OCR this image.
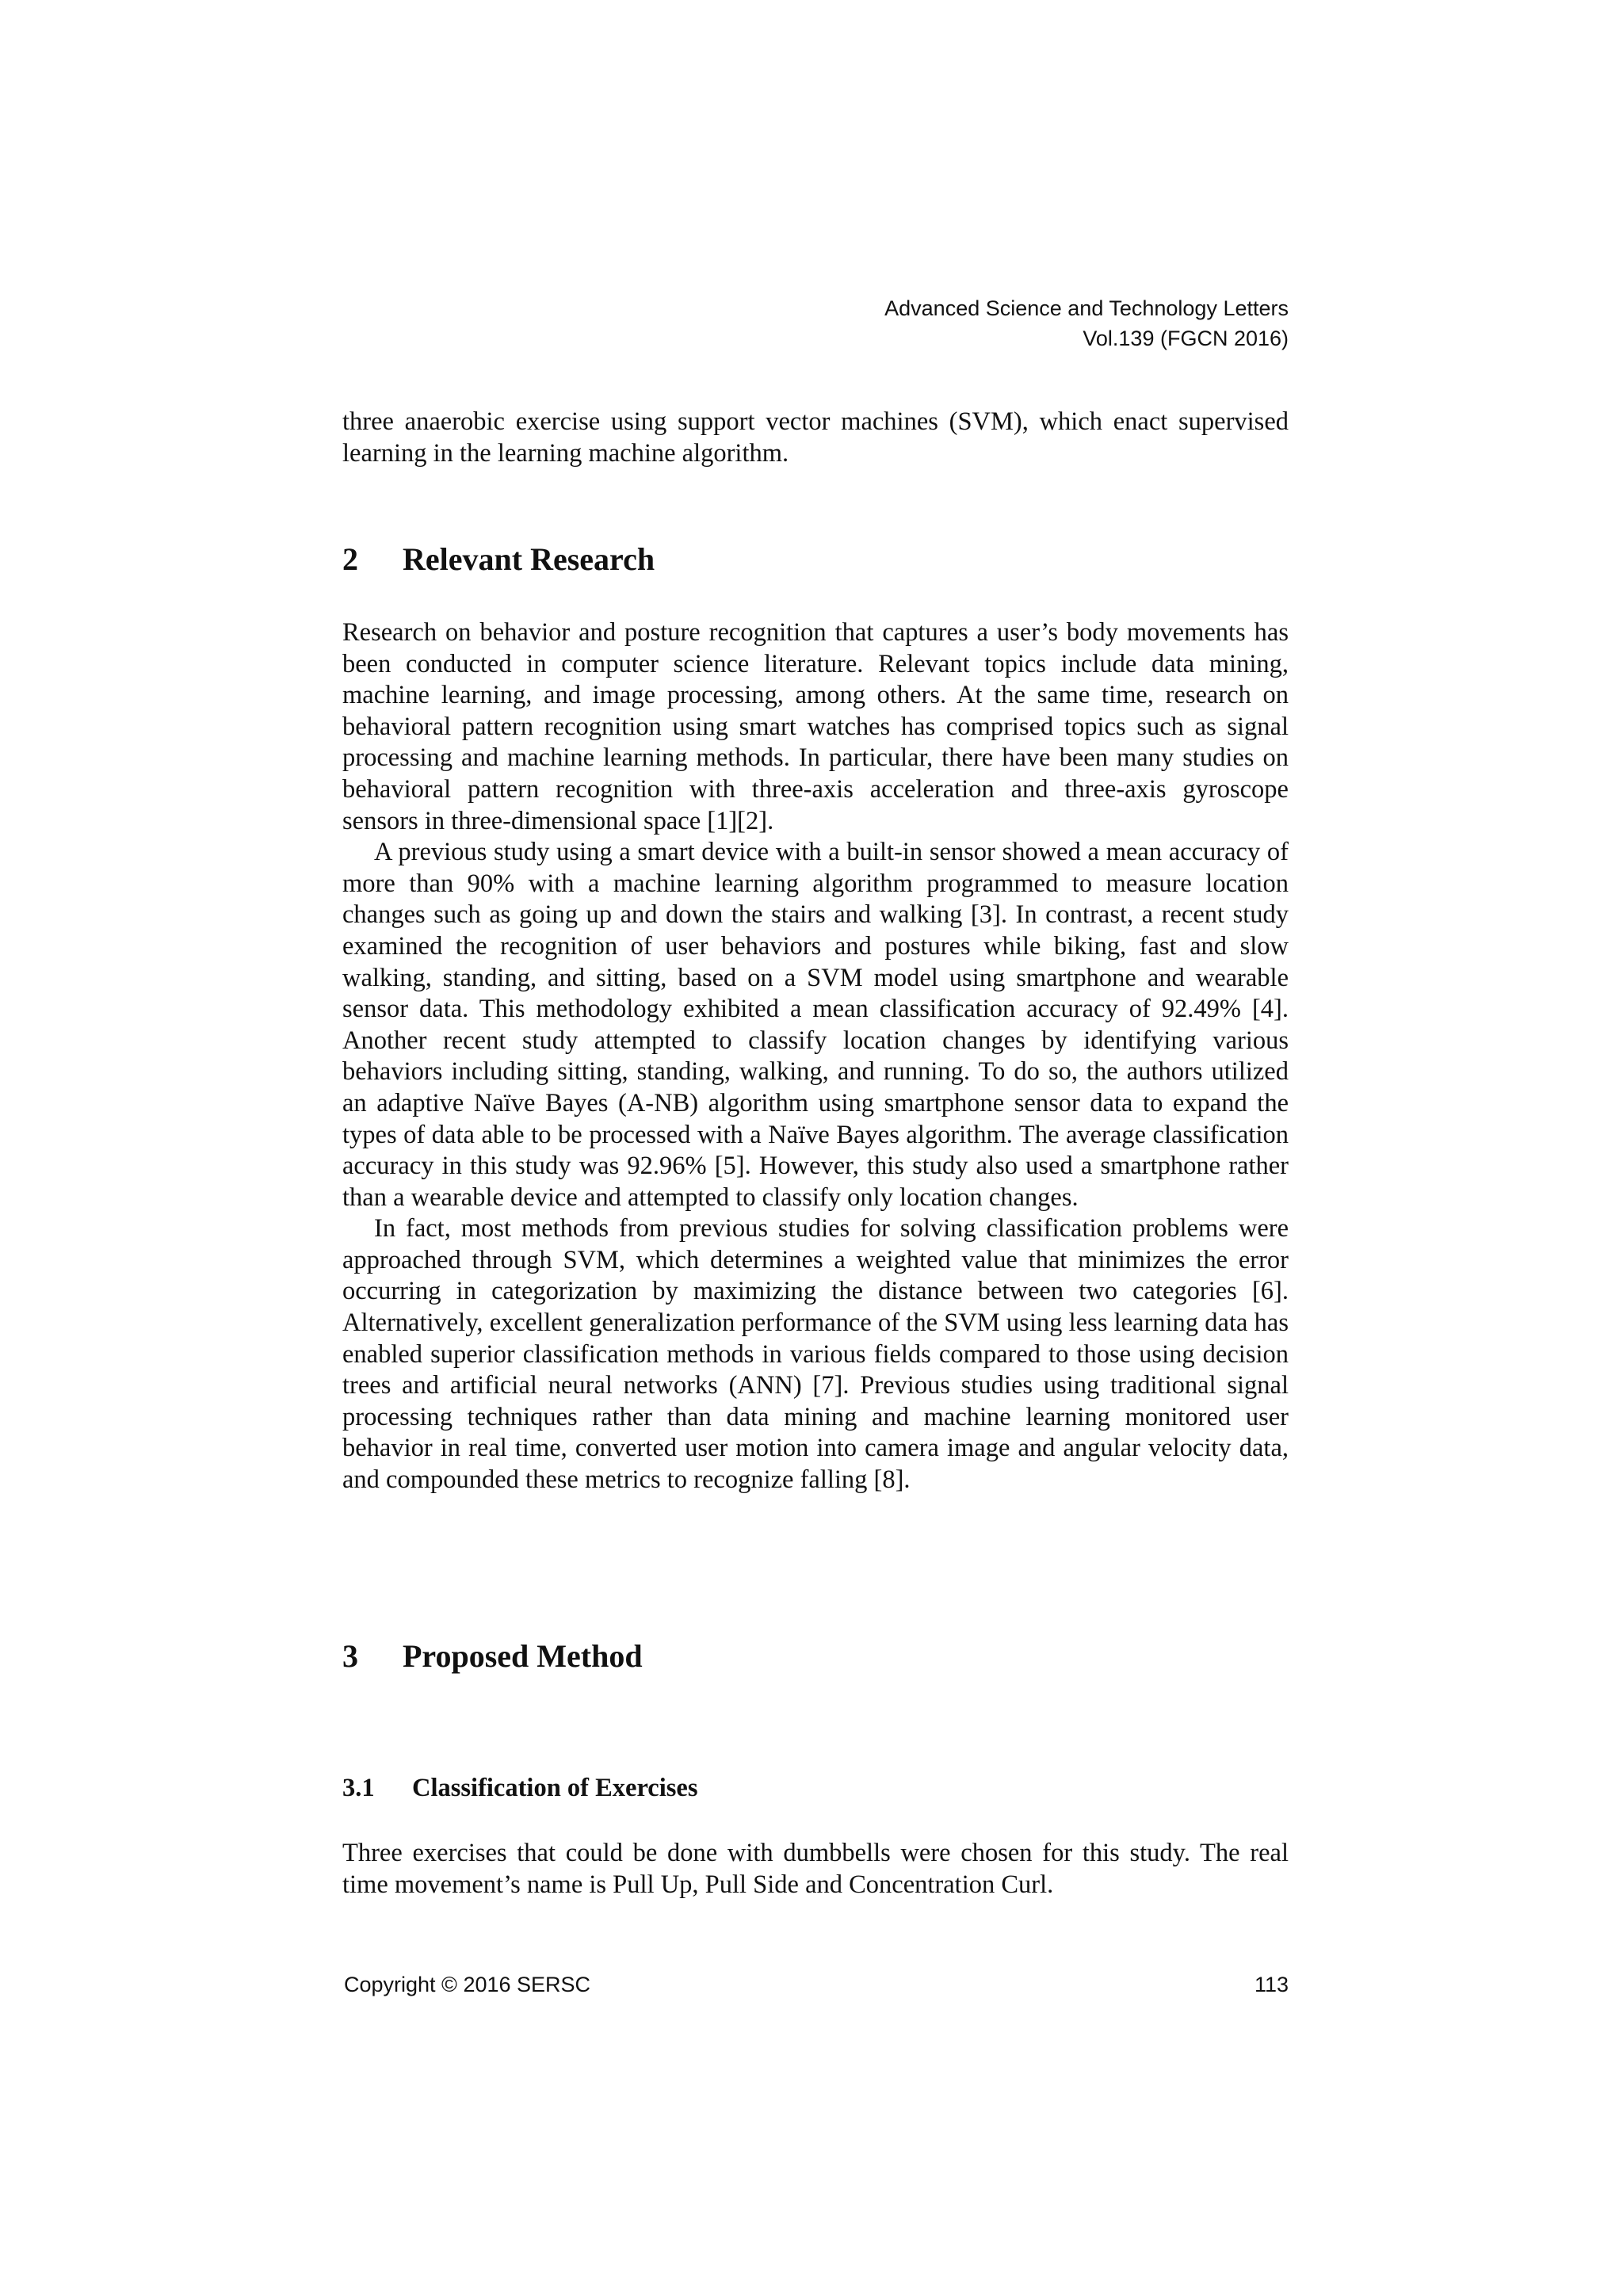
Advanced Science and Technology Letters
Vol.139 (FGCN 2016)

three anaerobic exercise using support vector machines (SVM), which enact supervised learning in the learning machine algorithm.

2 Relevant Research

Research on behavior and posture recognition that captures a user’s body movements has been conducted in computer science literature. Relevant topics include data mining, machine learning, and image processing, among others. At the same time, research on behavioral pattern recognition using smart watches has comprised topics such as signal processing and machine learning methods. In particular, there have been many studies on behavioral pattern recognition with three-axis acceleration and three-axis gyroscope sensors in three-dimensional space [1][2].

A previous study using a smart device with a built-in sensor showed a mean accuracy of more than 90% with a machine learning algorithm programmed to measure location changes such as going up and down the stairs and walking [3]. In contrast, a recent study examined the recognition of user behaviors and postures while biking, fast and slow walking, standing, and sitting, based on a SVM model using smartphone and wearable sensor data. This methodology exhibited a mean classification accuracy of 92.49% [4]. Another recent study attempted to classify location changes by identifying various behaviors including sitting, standing, walking, and running. To do so, the authors utilized an adaptive Naïve Bayes (A-NB) algorithm using smartphone sensor data to expand the types of data able to be processed with a Naïve Bayes algorithm. The average classification accuracy in this study was 92.96% [5]. However, this study also used a smartphone rather than a wearable device and attempted to classify only location changes.

In fact, most methods from previous studies for solving classification problems were approached through SVM, which determines a weighted value that minimizes the error occurring in categorization by maximizing the distance between two categories [6]. Alternatively, excellent generalization performance of the SVM using less learning data has enabled superior classification methods in various fields compared to those using decision trees and artificial neural networks (ANN) [7]. Previous studies using traditional signal processing techniques rather than data mining and machine learning monitored user behavior in real time, converted user motion into camera image and angular velocity data, and compounded these metrics to recognize falling [8].

3 Proposed Method
3.1 Classification of Exercises

Three exercises that could be done with dumbbells were chosen for this study. The real time movement’s name is Pull Up, Pull Side and Concentration Curl.

Copyright © 2016 SERSC	113
